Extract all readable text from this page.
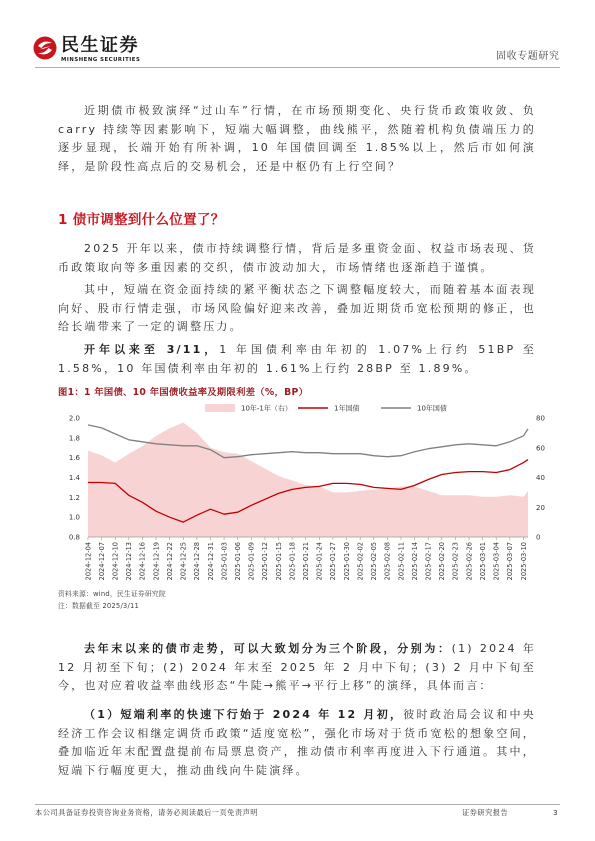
民生证券
MINSHENG SECURITIES	固收专题研究

近期债市极致演绎“过山车”行情，在市场预期变化、央行货币政策收敛、负carry 持续等因素影响下，短端大幅调整，曲线熊平，然随着机构负债端压力的逐步显现，长端开始有所补调，10 年国债回调至 1.85%以上，然后市如何演绎，是阶段性高点后的交易机会，还是中枢仍有上行空间？

1 债市调整到什么位置了？

2025 开年以来，债市持续调整行情，背后是多重资金面、权益市场表现、货币政策取向等多重因素的交织，债市波动加大，市场情绪也逐渐趋于谨慎。

其中，短端在资金面持续的紧平衡状态之下调整幅度较大，而随着基本面表现向好、股市行情走强，市场风险偏好迎来改善，叠加近期货币宽松预期的修正，也给长端带来了一定的调整压力。

开年以来至 3/11，1 年国债利率由年初的 1.07%上行约 51BP 至 1.58%，10 年国债利率由年初的 1.61%上行约 28BP 至 1.89%。

图1：1 年国债、10 年国债收益率及期限利差（%，BP）
10年-1年（右）	1年国债	10年国债
0.8
1.0
1.2
1.4
1.6
1.8
2.0
0
20
40
60
80
2024-12-04 2024-12-07 2024-12-10 2024-12-13 2024-12-16 2024-12-19 2024-12-22 2024-12-25 2024-12-28 2024-12-31 2025-01-03 2025-01-06 2025-01-09 2025-01-12 2025-01-15 2025-01-18 2025-01-21 2025-01-24 2025-01-27 2025-01-30 2025-02-02 2025-02-05 2025-02-08 2025-02-11 2025-02-14 2025-02-17 2025-02-20 2025-02-23 2025-02-26 2025-03-01 2025-03-04 2025-03-07 2025-03-10
资料来源：wind，民生证券研究院
注：数据截至 2025/3/11

去年末以来的债市走势，可以大致划分为三个阶段，分别为：(1) 2024 年 12 月初至下旬；(2) 2024 年末至 2025 年 2 月中下旬；(3) 2 月中下旬至今，也对应着收益率曲线形态“牛陡→熊平→平行上移”的演绎，具体而言：

（1）短端利率的快速下行始于 2024 年 12 月初，彼时政治局会议和中央经济工作会议相继定调货币政策“适度宽松”，强化市场对于货币宽松的想象空间，叠加临近年末配置盘提前布局票息资产，推动债市利率再度进入下行通道。其中，短端下行幅度更大，推动曲线向牛陡演绎。

本公司具备证券投资咨询业务资格，请务必阅读最后一页免责声明	证券研究报告	3
